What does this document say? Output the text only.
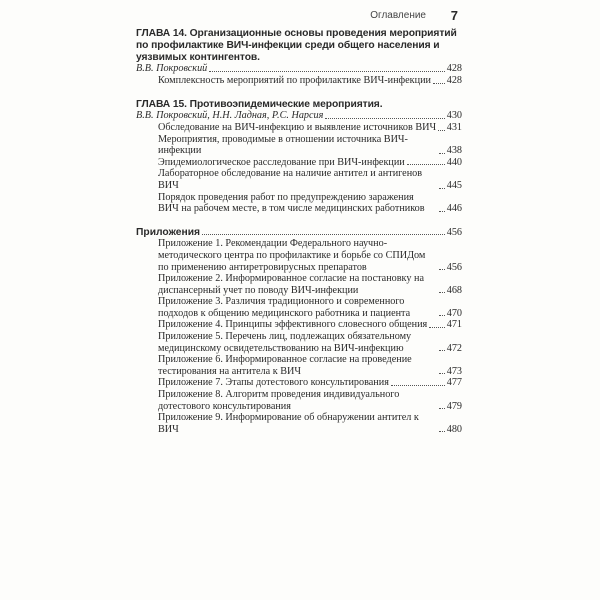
Оглавление 7
ГЛАВА 14. Организационные основы проведения мероприятий по профилактике ВИЧ-инфекции среди общего населения и уязвимых контингентов.
В.В. Покровский	428
Комплексность мероприятий по профилактике ВИЧ-инфекции 428
ГЛАВА 15. Противоэпидемические мероприятия.
В.В. Покровский, Н.Н. Ладная, Р.С. Нарсия	430
Обследование на ВИЧ-инфекцию и выявление источников ВИЧ 431
Мероприятия, проводимые в отношении источника ВИЧ-инфекции	438
Эпидемиологическое расследование при ВИЧ-инфекции	440
Лабораторное обследование на наличие антител и антигенов ВИЧ	445
Порядок проведения работ по предупреждению заражения ВИЧ на рабочем месте, в том числе медицинских работников	446
Приложения	456
Приложение 1. Рекомендации Федерального научно-методического центра по профилактике и борьбе со СПИДом по применению антиретровирусных препаратов	456
Приложение 2. Информированное согласие на постановку на диспансерный учет по поводу ВИЧ-инфекции	468
Приложение 3. Различия традиционного и современного подходов к общению медицинского работника и пациента	470
Приложение 4. Принципы эффективного словесного общения 471
Приложение 5. Перечень лиц, подлежащих обязательному медицинскому освидетельствованию на ВИЧ-инфекцию	472
Приложение 6. Информированное согласие на проведение тестирования на антитела к ВИЧ	473
Приложение 7. Этапы дотестового консультирования	477
Приложение 8. Алгоритм проведения индивидуального дотестового консультирования	479
Приложение 9. Информирование об обнаружении антител к ВИЧ	480
